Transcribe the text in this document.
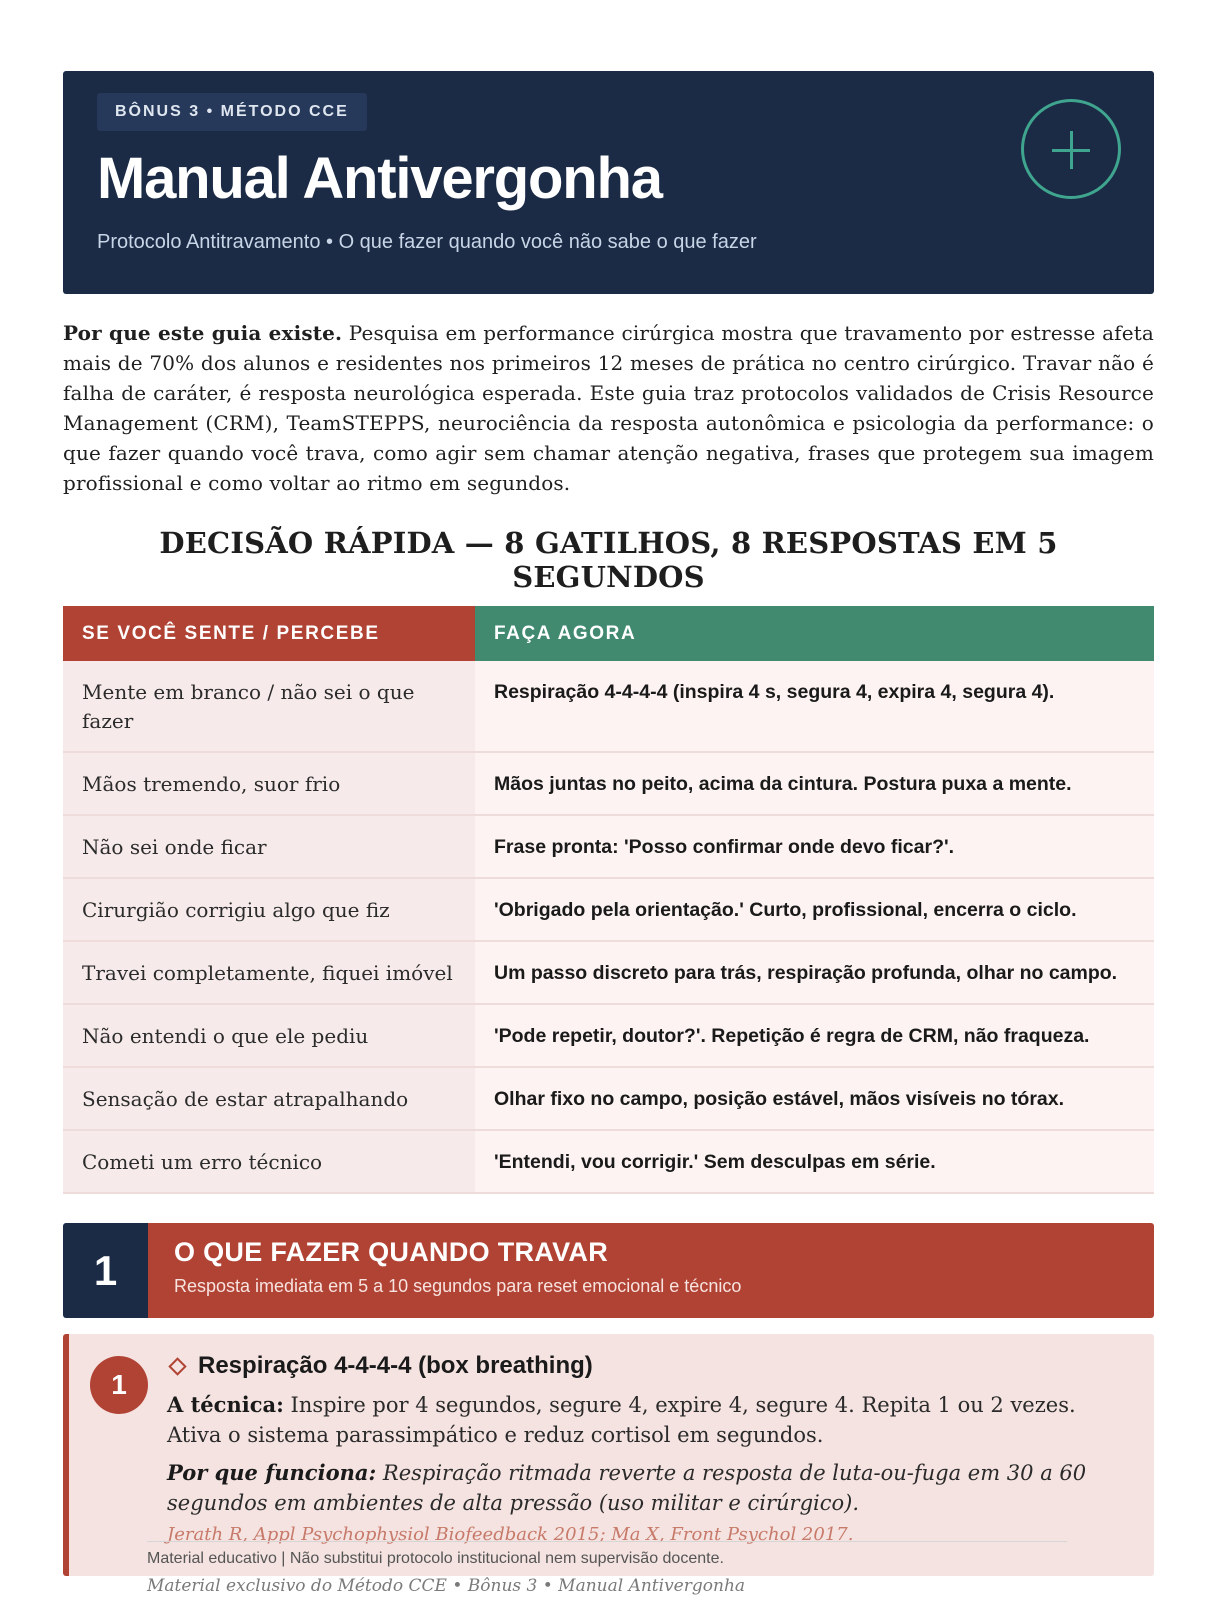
BÔNUS 3 • MÉTODO CCE
Manual Antivergonha
Protocolo Antitravamento • O que fazer quando você não sabe o que fazer

Por que este guia existe. Pesquisa em performance cirúrgica mostra que travamento por estresse afeta mais de 70% dos alunos e residentes nos primeiros 12 meses de prática no centro cirúrgico. Travar não é falha de caráter, é resposta neurológica esperada. Este guia traz protocolos validados de Crisis Resource Management (CRM), TeamSTEPPS, neurociência da resposta autonômica e psicologia da performance: o que fazer quando você trava, como agir sem chamar atenção negativa, frases que protegem sua imagem profissional e como voltar ao ritmo em segundos.

DECISÃO RÁPIDA — 8 GATILHOS, 8 RESPOSTAS EM 5 SEGUNDOS
SE VOCÊ SENTE / PERCEBE	FAÇA AGORA
Mente em branco / não sei o que fazer	Respiração 4-4-4-4 (inspira 4 s, segura 4, expira 4, segura 4).
Mãos tremendo, suor frio	Mãos juntas no peito, acima da cintura. Postura puxa a mente.
Não sei onde ficar	Frase pronta: 'Posso confirmar onde devo ficar?'.
Cirurgião corrigiu algo que fiz	'Obrigado pela orientação.' Curto, profissional, encerra o ciclo.
Travei completamente, fiquei imóvel	Um passo discreto para trás, respiração profunda, olhar no campo.
Não entendi o que ele pediu	'Pode repetir, doutor?'. Repetição é regra de CRM, não fraqueza.
Sensação de estar atrapalhando	Olhar fixo no campo, posição estável, mãos visíveis no tórax.
Cometi um erro técnico	'Entendi, vou corrigir.' Sem desculpas em série.
1	O QUE FAZER QUANDO TRAVAR
Resposta imediata em 5 a 10 segundos para reset emocional e técnico
1
Respiração 4-4-4-4 (box breathing)

A técnica: Inspire por 4 segundos, segure 4, expire 4, segure 4. Repita 1 ou 2 vezes. Ativa o sistema parassimpático e reduz cortisol em segundos.

Por que funciona: Respiração ritmada reverte a resposta de luta-ou-fuga em 30 a 60 segundos em ambientes de alta pressão (uso militar e cirúrgico).

Jerath R, Appl Psychophysiol Biofeedback 2015; Ma X, Front Psychol 2017.

Material educativo | Não substitui protocolo institucional nem supervisão docente.
Material exclusivo do Método CCE • Bônus 3 • Manual Antivergonha
